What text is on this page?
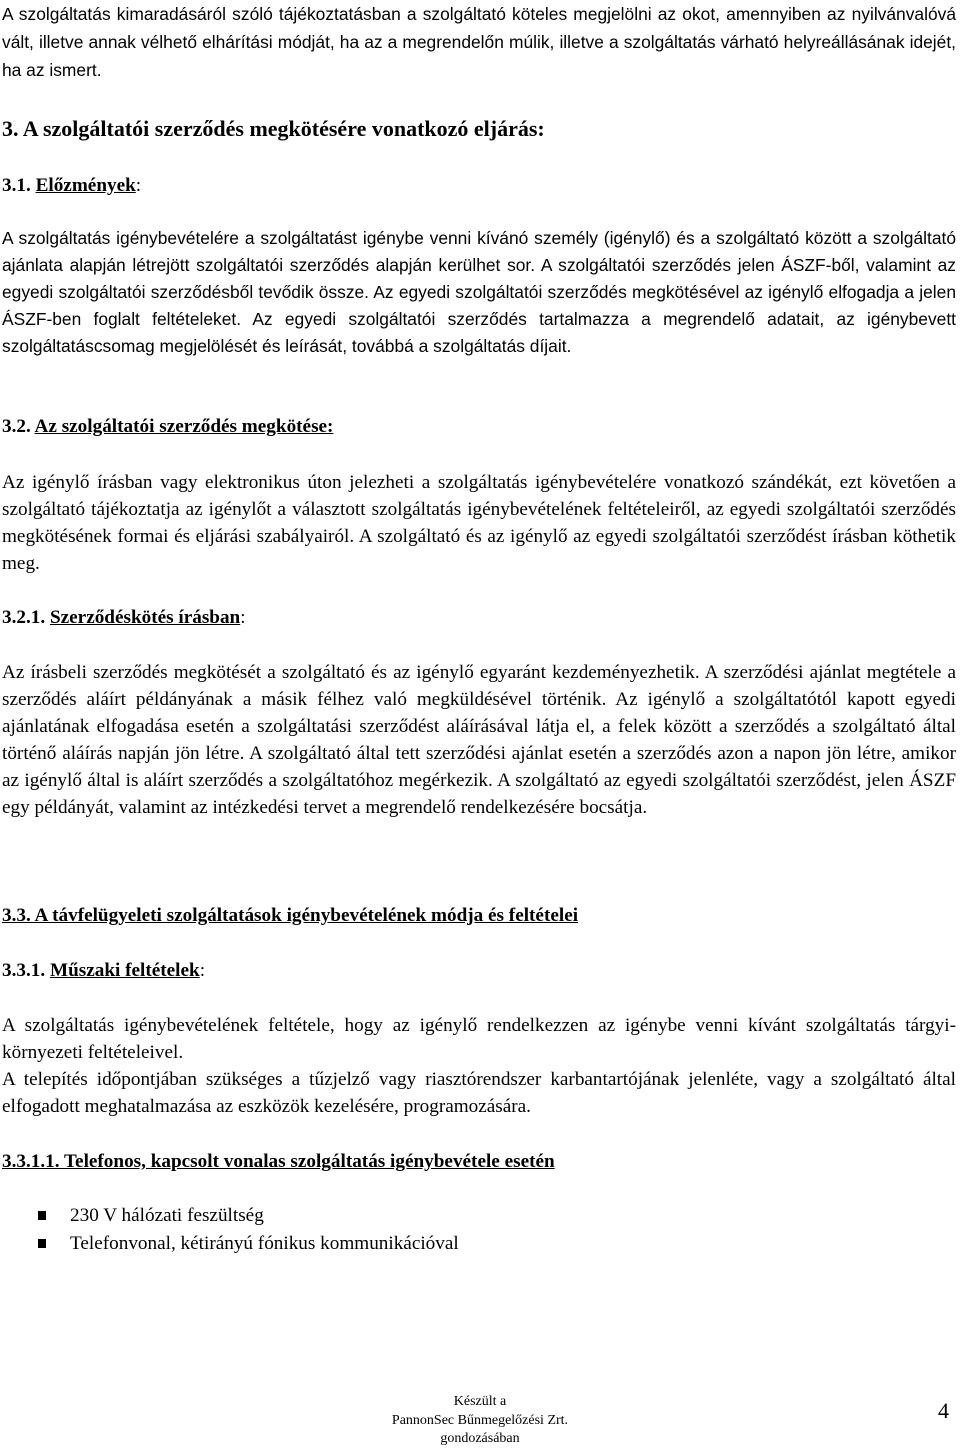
A szolgáltatás kimaradásáról szóló tájékoztatásban a szolgáltató köteles megjelölni az okot, amennyiben az nyilvánvalóvá vált, illetve annak vélhető elhárítási módját, ha az a megrendelőn múlik, illetve a szolgáltatás várható helyreállásának idejét, ha az ismert.

3. A szolgáltatói szerződés megkötésére vonatkozó eljárás:
3.1. Előzmények:

A szolgáltatás igénybevételére a szolgáltatást igénybe venni kívánó személy (igénylő) és a szolgáltató között a szolgáltató ajánlata alapján létrejött szolgáltatói szerződés alapján kerülhet sor. A szolgáltatói szerződés jelen ÁSZF-ből, valamint az egyedi szolgáltatói szerződésből tevődik össze. Az egyedi szolgáltatói szerződés megkötésével az igénylő elfogadja a jelen ÁSZF-ben foglalt feltételeket. Az egyedi szolgáltatói szerződés tartalmazza a megrendelő adatait, az igénybevett szolgáltatáscsomag megjelölését és leírását, továbbá a szolgáltatás díjait.

3.2. Az szolgáltatói szerződés megkötése:

Az igénylő írásban vagy elektronikus úton jelezheti a szolgáltatás igénybevételére vonatkozó szándékát, ezt követően a szolgáltató tájékoztatja az igénylőt a választott szolgáltatás igénybevételének feltételeiről, az egyedi szolgáltatói szerződés megkötésének formai és eljárási szabályairól. A szolgáltató és az igénylő az egyedi szolgáltatói szerződést írásban köthetik meg.

3.2.1. Szerződéskötés írásban:

Az írásbeli szerződés megkötését a szolgáltató és az igénylő egyaránt kezdeményezhetik. A szerződési ajánlat megtétele a szerződés aláírt példányának a másik félhez való megküldésével történik. Az igénylő a szolgáltatótól kapott egyedi ajánlatának elfogadása esetén a szolgáltatási szerződést aláírásával látja el, a felek között a szerződés a szolgáltató által történő aláírás napján jön létre. A szolgáltató által tett szerződési ajánlat esetén a szerződés azon a napon jön létre, amikor az igénylő által is aláírt szerződés a szolgáltatóhoz megérkezik. A szolgáltató az egyedi szolgáltatói szerződést, jelen ÁSZF egy példányát, valamint az intézkedési tervet a megrendelő rendelkezésére bocsátja.

3.3. A távfelügyeleti szolgáltatások igénybevételének módja és feltételei
3.3.1. Műszaki feltételek:

A szolgáltatás igénybevételének feltétele, hogy az igénylő rendelkezzen az igénybe venni kívánt szolgáltatás tárgyi-környezeti feltételeivel.

A telepítés időpontjában szükséges a tűzjelző vagy riasztórendszer karbantartójának jelenléte, vagy a szolgáltató által elfogadott meghatalmazása az eszközök kezelésére, programozására.

3.3.1.1. Telefonos, kapcsolt vonalas szolgáltatás igénybevétele esetén
230 V hálózati feszültség
Telefonvonal, kétirányú fónikus kommunikációval
Készült a
PannonSec Bűnmegelőzési Zrt.
gondozásában
4
